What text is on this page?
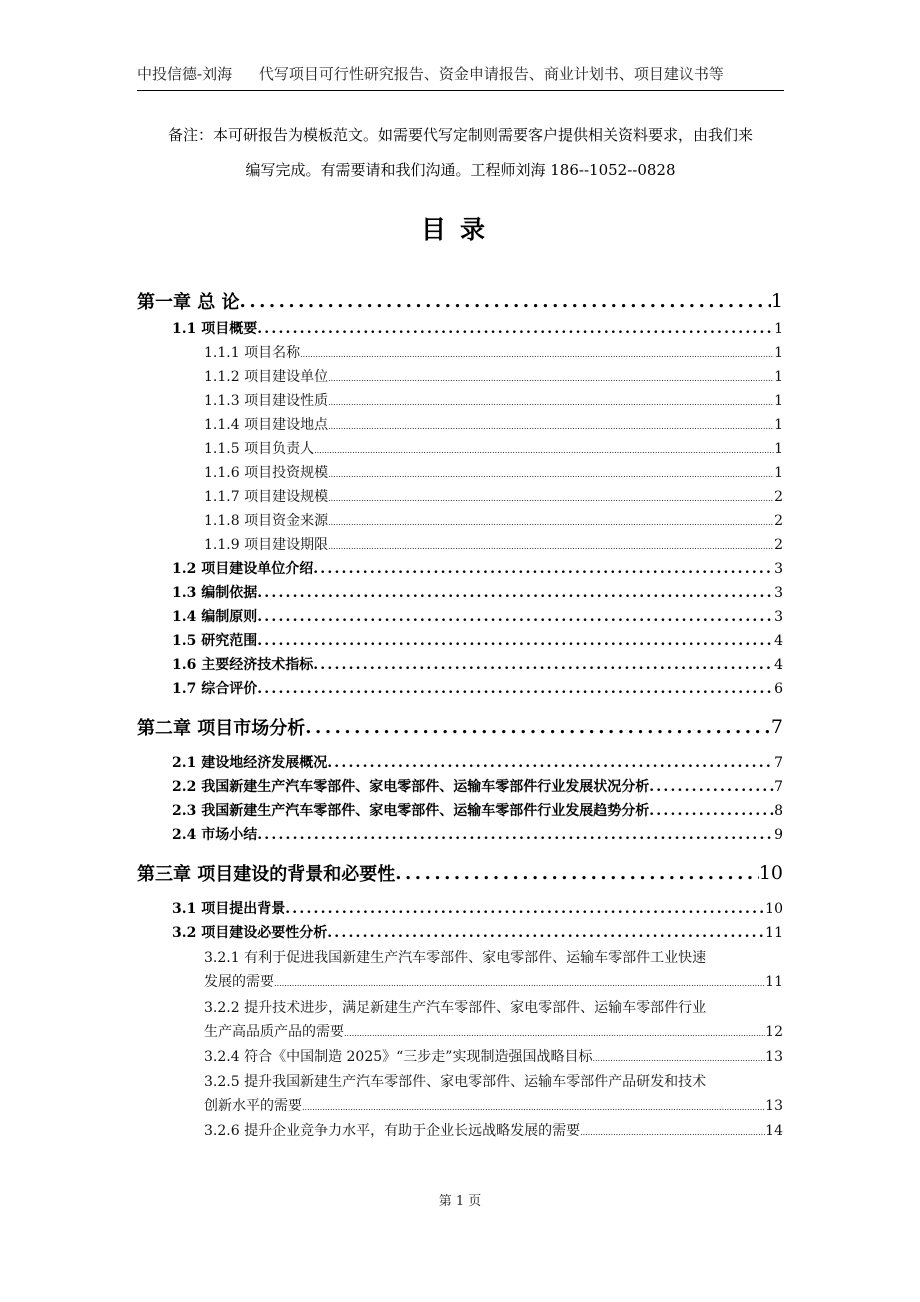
中投信德-刘海 代写项目可行性研究报告、资金申请报告、商业计划书、项目建议书等
备注：本可研报告为模板范文。如需要代写定制则需要客户提供相关资料要求，由我们来
编写完成。有需要请和我们沟通。工程师刘海 186--1052--0828
目录
第一章 总 论 .....	1
1.1 项目概要 .....	1
1.1.1 项目名称 .....	1
1.1.2 项目建设单位 .....	1
1.1.3 项目建设性质 .....	1
1.1.4 项目建设地点 .....	1
1.1.5 项目负责人 .....	1
1.1.6 项目投资规模 .....	1
1.1.7 项目建设规模 .....	2
1.1.8 项目资金来源 .....	2
1.1.9 项目建设期限 .....	2
1.2 项目建设单位介绍 .....	3
1.3 编制依据 .....	3
1.4 编制原则 .....	3
1.5 研究范围 .....	4
1.6 主要经济技术指标 .....	4
1.7 综合评价 .....	6
第二章 项目市场分析 .....	7
2.1 建设地经济发展概况 .....	7
2.2 我国新建生产汽车零部件、家电零部件、运输车零部件行业发展状况分析 .....	7
2.3 我国新建生产汽车零部件、家电零部件、运输车零部件行业发展趋势分析 .....	8
2.4 市场小结 .....	9
第三章 项目建设的背景和必要性 .....	10
3.1 项目提出背景 .....	10
3.2 项目建设必要性分析 .....	11
3.2.1 有利于促进我国新建生产汽车零部件、家电零部件、运输车零部件工业快速
发展的需要 .....	11
3.2.2 提升技术进步，满足新建生产汽车零部件、家电零部件、运输车零部件行业
生产高品质产品的需要 .....	12
3.2.4 符合《中国制造 2025》“三步走”实现制造强国战略目标 .....	13
3.2.5 提升我国新建生产汽车零部件、家电零部件、运输车零部件产品研发和技术
创新水平的需要 .....	13
3.2.6 提升企业竞争力水平，有助于企业长远战略发展的需要 .....	14
第 1 页
